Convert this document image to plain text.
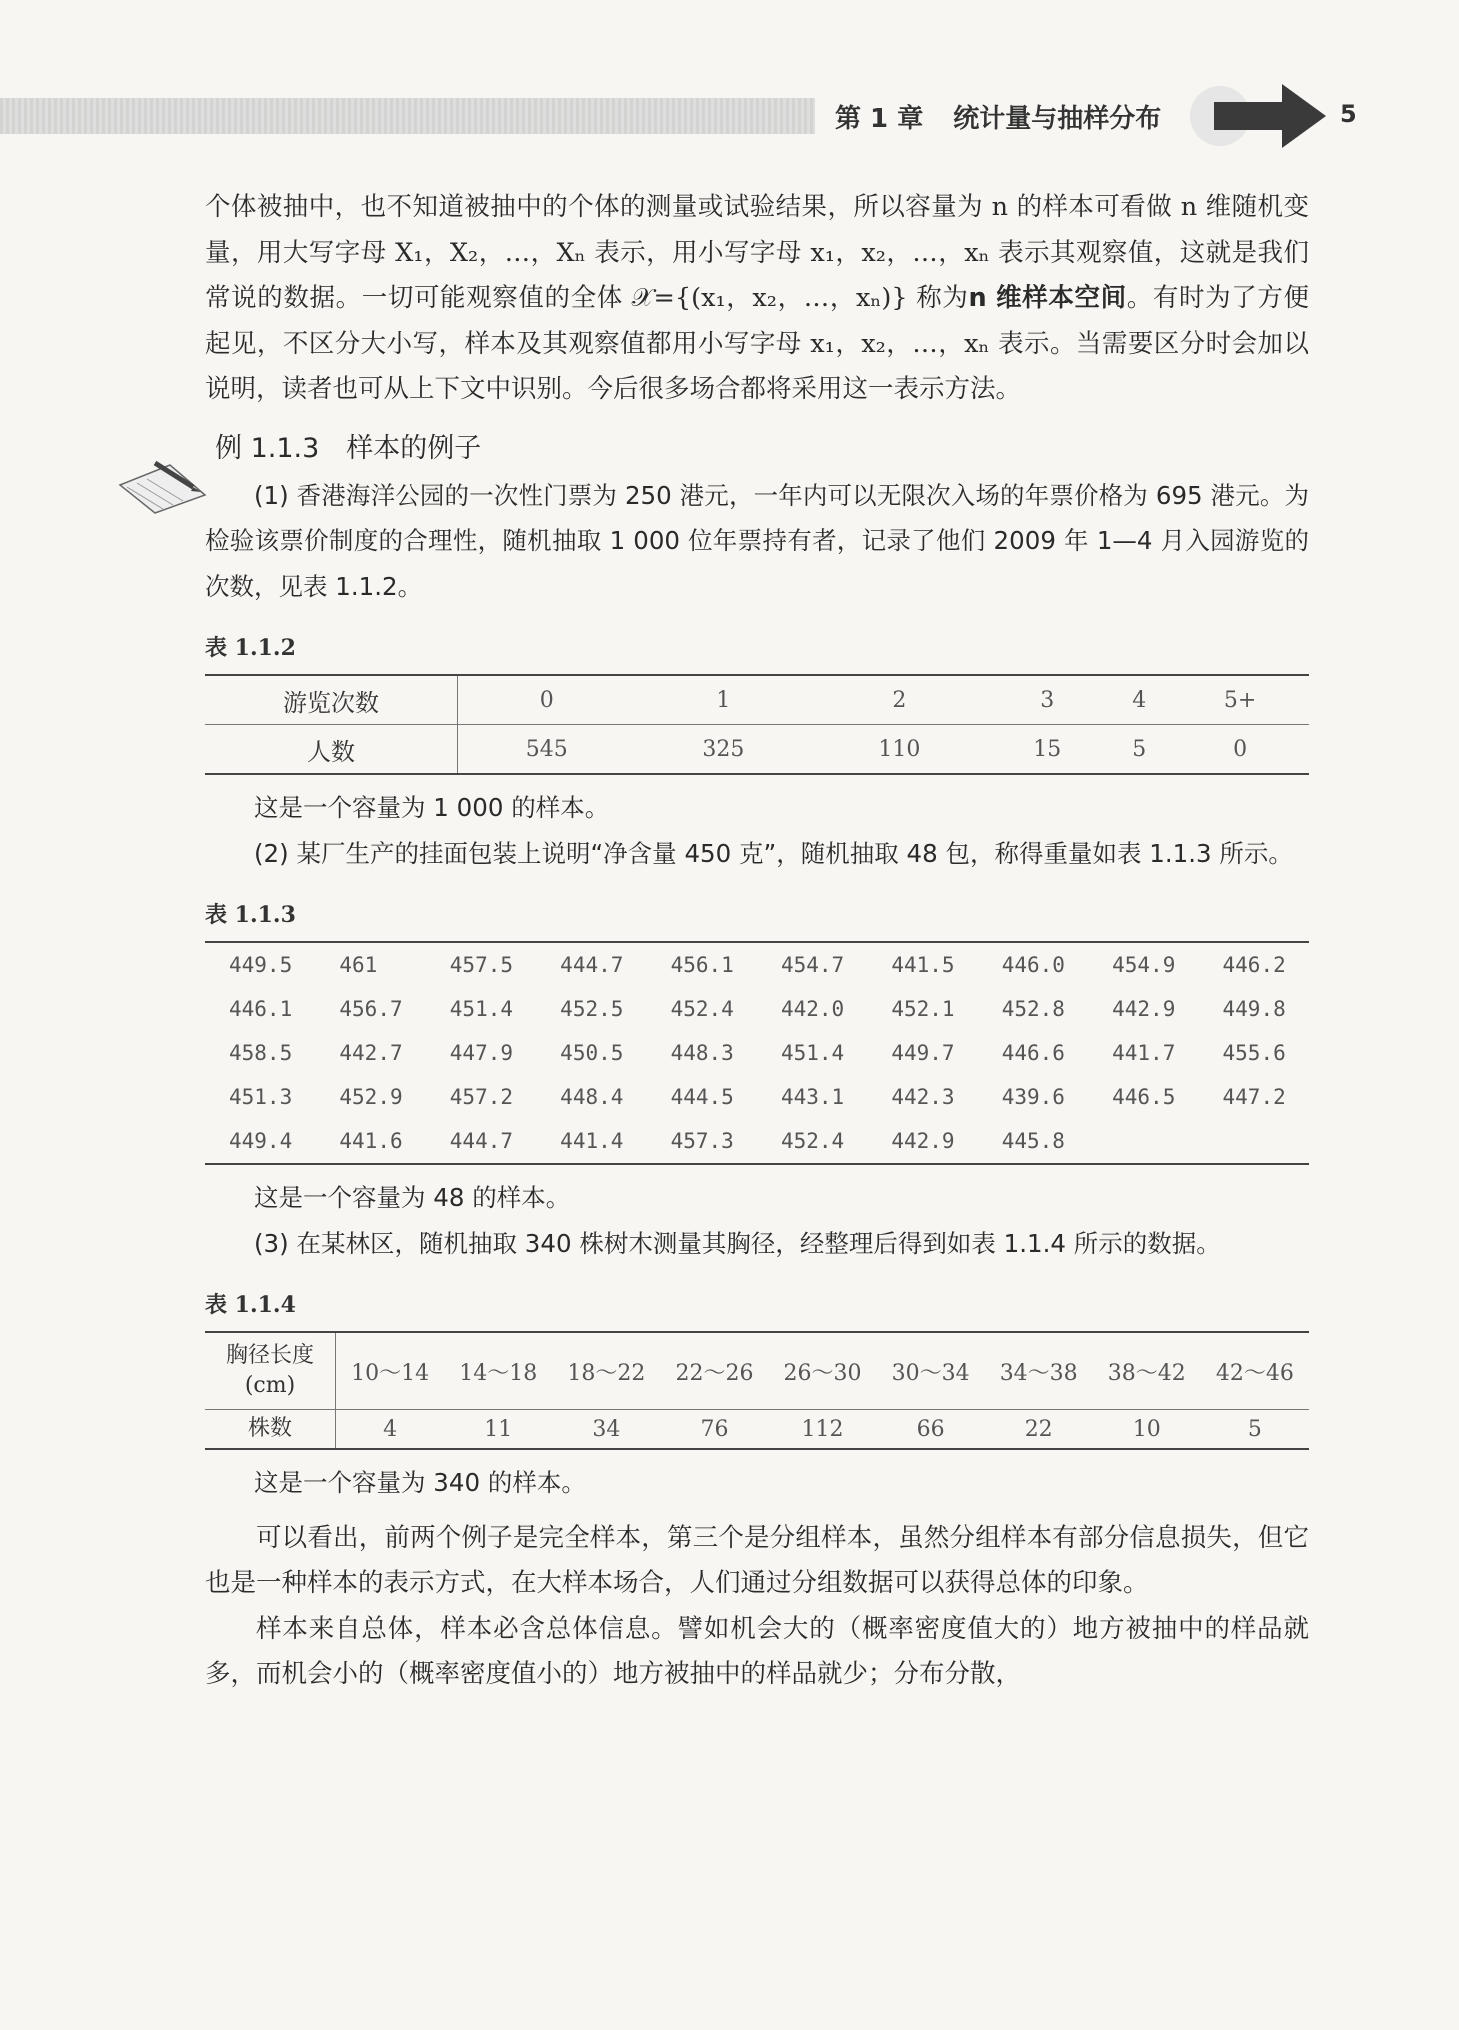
第 1 章 统计量与抽样分布	5

个体被抽中，也不知道被抽中的个体的测量或试验结果，所以容量为 n 的样本可看做 n 维随机变量，用大写字母 X₁，X₂，…，Xₙ 表示，用小写字母 x₁，x₂，…，xₙ 表示其观察值，这就是我们常说的数据。一切可能观察值的全体 𝒳={(x₁，x₂，…，xₙ)} 称为n 维样本空间。有时为了方便起见，不区分大小写，样本及其观察值都用小写字母 x₁，x₂，…，xₙ 表示。当需要区分时会加以说明，读者也可从上下文中识别。今后很多场合都将采用这一表示方法。

例 1.1.3　样本的例子

(1) 香港海洋公园的一次性门票为 250 港元，一年内可以无限次入场的年票价格为 695 港元。为检验该票价制度的合理性，随机抽取 1 000 位年票持有者，记录了他们 2009 年 1—4 月入园游览的次数，见表 1.1.2。

表 1.1.2
游览次数	0	1	2	3	4	5+
人数	545	325	110	15	5	0

这是一个容量为 1 000 的样本。

(2) 某厂生产的挂面包装上说明“净含量 450 克”，随机抽取 48 包，称得重量如表 1.1.3 所示。

表 1.1.3
449.5	461	457.5	444.7	456.1	454.7	441.5	446.0	454.9	446.2
446.1	456.7	451.4	452.5	452.4	442.0	452.1	452.8	442.9	449.8
458.5	442.7	447.9	450.5	448.3	451.4	449.7	446.6	441.7	455.6
451.3	452.9	457.2	448.4	444.5	443.1	442.3	439.6	446.5	447.2
449.4	441.6	444.7	441.4	457.3	452.4	442.9	445.8		

这是一个容量为 48 的样本。

(3) 在某林区，随机抽取 340 株树木测量其胸径，经整理后得到如表 1.1.4 所示的数据。

表 1.1.4
胸径长度
(cm)	10～14	14～18	18～22	22～26	26～30	30～34	34～38	38～42	42～46
株数	4	11	34	76	112	66	22	10	5

这是一个容量为 340 的样本。

可以看出，前两个例子是完全样本，第三个是分组样本，虽然分组样本有部分信息损失，但它也是一种样本的表示方式，在大样本场合，人们通过分组数据可以获得总体的印象。

样本来自总体，样本必含总体信息。譬如机会大的（概率密度值大的）地方被抽中的样品就多，而机会小的（概率密度值小的）地方被抽中的样品就少；分布分散，
